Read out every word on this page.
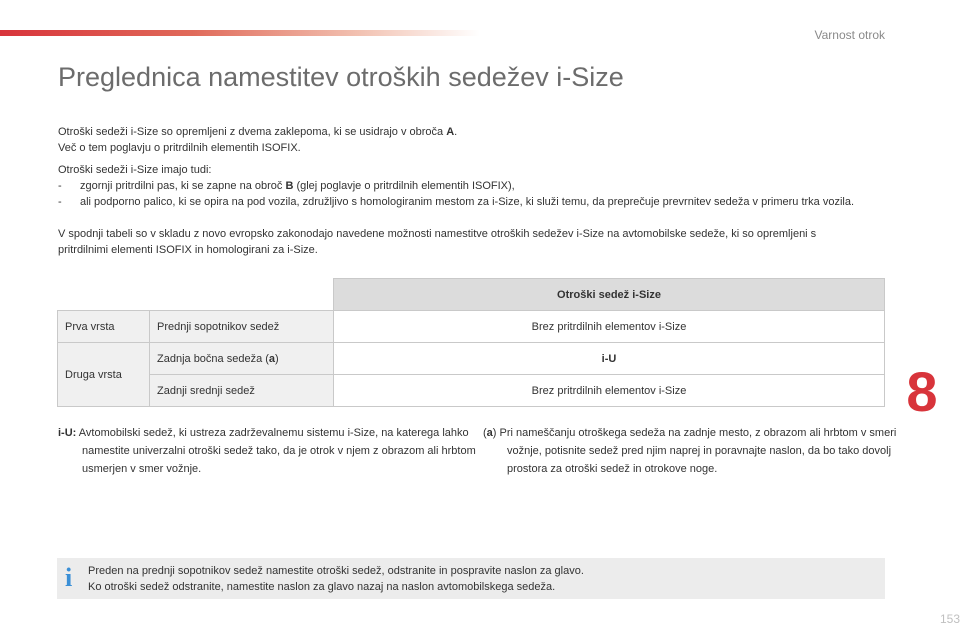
Varnost otrok
Preglednica namestitev otroških sedežev i-Size

Otroški sedeži i-Size so opremljeni z dvema zaklepoma, ki se usidrajo v obroča A.

Več o tem poglavju o pritrdilnih elementih ISOFIX.

Otroški sedeži i-Size imajo tudi:

- zgornji pritrdilni pas, ki se zapne na obroč B (glej poglavje o pritrdilnih elementih ISOFIX),

- ali podporno palico, ki se opira na pod vozila, združljivo s homologiranim mestom za i-Size, ki služi temu, da preprečuje prevrnitev sedeža v primeru trka vozila.

V spodnji tabeli so v skladu z novo evropsko zakonodajo navedene možnosti namestitve otroških sedežev i-Size na avtomobilske sedeže, ki so opremljeni s pritrdilnimi elementi ISOFIX in homologirani za i-Size.

		Otroški sedež i-Size
Prva vrsta	Prednji sopotnikov sedež	Brez pritrdilnih elementov i-Size
Druga vrsta	Zadnja bočna sedeža (a)	i-U
	Zadnji srednji sedež	Brez pritrdilnih elementov i-Size	8

i-U: Avtomobilski sedež, ki ustreza zadrževalnemu sistemu i-Size, na katerega lahko namestite univerzalni otroški sedež tako, da je otrok v njem z obrazom ali hrbtom usmerjen v smer vožnje.

(a) Pri nameščanju otroškega sedeža na zadnje mesto, z obrazom ali hrbtom v smeri vožnje, potisnite sedež pred njim naprej in poravnajte naslon, da bo tako dovolj prostora za otroški sedež in otrokove noge.

i Preden na prednji sopotnikov sedež namestite otroški sedež, odstranite in pospravite naslon za glavo.
Ko otroški sedež odstranite, namestite naslon za glavo nazaj na naslon avtomobilskega sedeža.

153
